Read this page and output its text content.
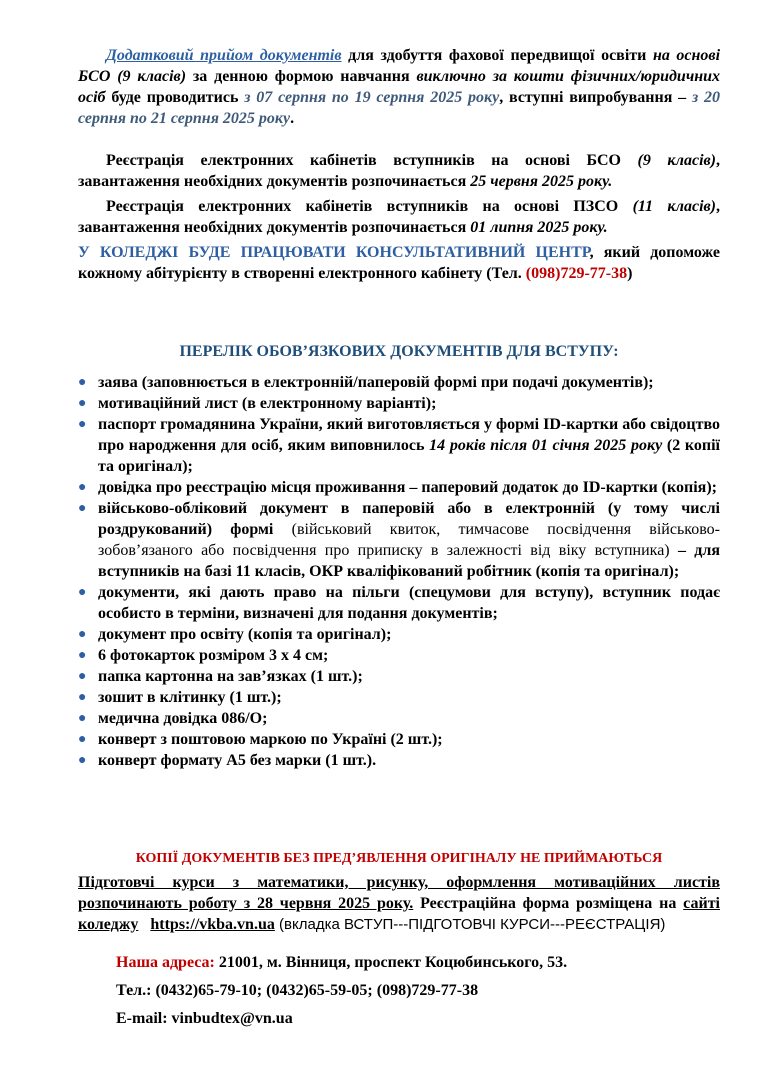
Додатковий прийом документів для здобуття фахової передвищої освіти на основі БСО (9 класів) за денною формою навчання виключно за кошти фізичних/юридичних осіб буде проводитись з 07 серпня по 19 серпня 2025 року, вступні випробування – з 20 серпня по 21 серпня 2025 року.
Реєстрація електронних кабінетів вступників на основі БСО (9 класів), завантаження необхідних документів розпочинається 25 червня 2025 року.
Реєстрація електронних кабінетів вступників на основі ПЗСО (11 класів), завантаження необхідних документів розпочинається 01 липня 2025 року.
У КОЛЕДЖІ БУДЕ ПРАЦЮВАТИ КОНСУЛЬТАТИВНИЙ ЦЕНТР, який допоможе кожному абітурієнту в створенні електронного кабінету (Тел. (098)729-77-38)
ПЕРЕЛІК ОБОВ’ЯЗКОВИХ ДОКУМЕНТІВ ДЛЯ ВСТУПУ:
● заява (заповнюється в електронній/паперовій формі при подачі документів);
● мотиваційний лист (в електронному варіанті);
● паспорт громадянина України, який виготовляється у формі ID-картки або свідоцтво про народження для осіб, яким виповнилось 14 років після 01 січня 2025 року (2 копії та оригінал);
● довідка про реєстрацію місця проживання – паперовий додаток до ID-картки (копія);
● військово-обліковий документ в паперовій або в електронній (у тому числі роздрукований) формі (військовий квиток, тимчасове посвідчення військово-зобов’язаного або посвідчення про приписку в залежності від віку вступника) – для вступників на базі 11 класів, ОКР кваліфікований робітник (копія та оригінал);
● документи, які дають право на пільги (спецумови для вступу), вступник подає особисто в терміни, визначені для подання документів;
● документ про освіту (копія та оригінал);
● 6 фотокарток розміром 3 х 4 см;
● папка картонна на зав’язках (1 шт.);
● зошит в клітинку (1 шт.);
● медична довідка 086/О;
● конверт з поштовою маркою по Україні (2 шт.);
● конверт формату А5 без марки (1 шт.).
КОПІЇ ДОКУМЕНТІВ БЕЗ ПРЕД’ЯВЛЕННЯ ОРИГІНАЛУ НЕ ПРИЙМАЮТЬСЯ
Підготовчі курси з математики, рисунку, оформлення мотиваційних листів розпочинають роботу з 28 червня 2025 року. Реєстраційна форма розміщена на сайті коледжу https://vkba.vn.ua (вкладка ВСТУП---ПІДГОТОВЧІ КУРСИ---РЕЄСТРАЦІЯ)
Наша адреса: 21001, м. Вінниця, проспект Коцюбинського, 53.
Тел.: (0432)65-79-10; (0432)65-59-05; (098)729-77-38
E-mail: vinbudtex@vn.ua
